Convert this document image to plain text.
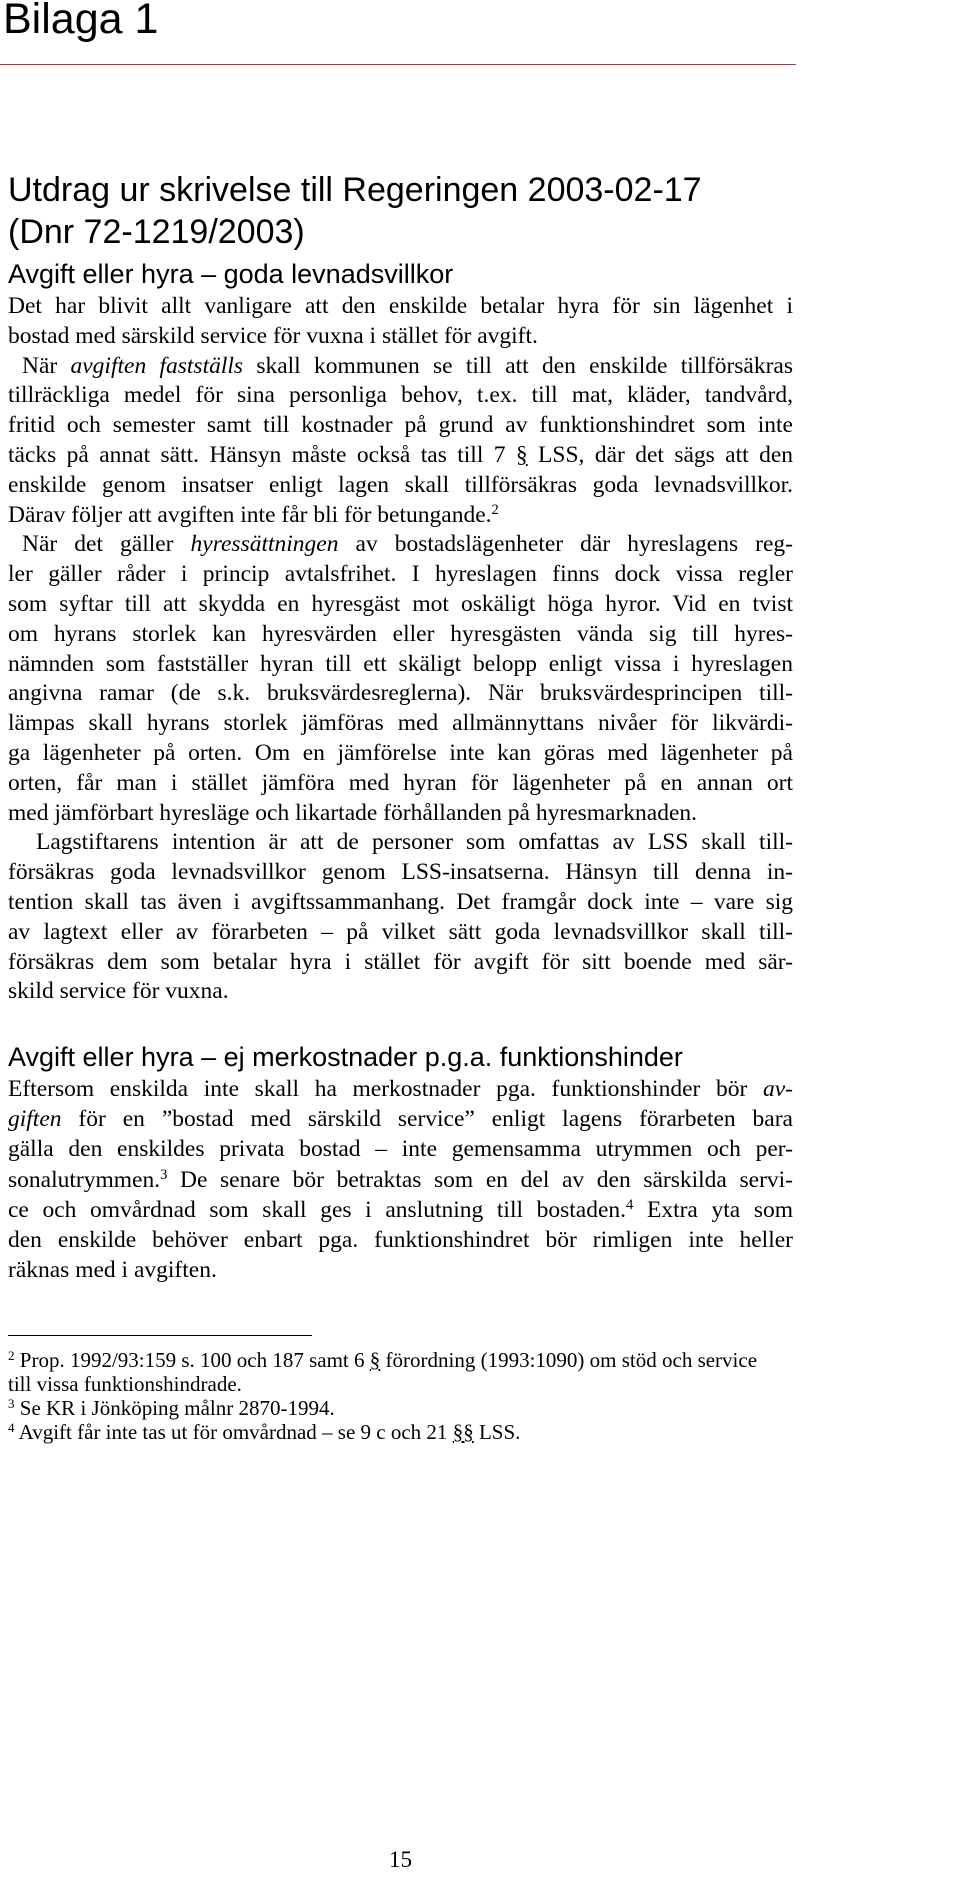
Bilaga 1
Utdrag ur skrivelse till Regeringen 2003-02-17
(Dnr 72-1219/2003)
Avgift eller hyra – goda levnadsvillkor
Det har blivit allt vanligare att den enskilde betalar hyra för sin lägenhet i
bostad med särskild service för vuxna i stället för avgift.
När avgiften fastställs skall kommunen se till att den enskilde tillförsäkras
tillräckliga medel för sina personliga behov, t.ex. till mat, kläder, tandvård,
fritid och semester samt till kostnader på grund av funktionshindret som inte
täcks på annat sätt. Hänsyn måste också tas till 7 § LSS, där det sägs att den
enskilde genom insatser enligt lagen skall tillförsäkras goda levnadsvillkor.
Därav följer att avgiften inte får bli för betungande.$^2$
När det gäller hyressättningen av bostadslägenheter där hyreslagens reg-
ler gäller råder i princip avtalsfrihet. I hyreslagen finns dock vissa regler
som syftar till att skydda en hyresgäst mot oskäligt höga hyror. Vid en tvist
om hyrans storlek kan hyresvärden eller hyresgästen vända sig till hyres-
nämnden som fastställer hyran till ett skäligt belopp enligt vissa i hyreslagen
angivna ramar (de s.k. bruksvärdesreglerna). När bruksvärdesprincipen till-
lämpas skall hyrans storlek jämföras med allmännyttans nivåer för likvärdi-
ga lägenheter på orten. Om en jämförelse inte kan göras med lägenheter på
orten, får man i stället jämföra med hyran för lägenheter på en annan ort
med jämförbart hyresläge och likartade förhållanden på hyresmarknaden.
Lagstiftarens intention är att de personer som omfattas av LSS skall till-
försäkras goda levnadsvillkor genom LSS-insatserna. Hänsyn till denna in-
tention skall tas även i avgiftssammanhang. Det framgår dock inte – vare sig
av lagtext eller av förarbeten – på vilket sätt goda levnadsvillkor skall till-
försäkras dem som betalar hyra i stället för avgift för sitt boende med sär-
skild service för vuxna.
Avgift eller hyra – ej merkostnader p.g.a. funktionshinder
Eftersom enskilda inte skall ha merkostnader pga. funktionshinder bör av-
giften för en ”bostad med särskild service” enligt lagens förarbeten bara
gälla den enskildes privata bostad – inte gemensamma utrymmen och per-
sonalutrymmen.$^3$ De senare bör betraktas som en del av den särskilda servi-
ce och omvårdnad som skall ges i anslutning till bostaden.$^4$ Extra yta som
den enskilde behöver enbart pga. funktionshindret bör rimligen inte heller
räknas med i avgiften.
$^2$ Prop. 1992/93:159 s. 100 och 187 samt 6 § förordning (1993:1090) om stöd och service
till vissa funktionshindrade.
$^3$ Se KR i Jönköping målnr 2870-1994.
$^4$ Avgift får inte tas ut för omvårdnad – se 9 c och 21 §§ LSS.
15
